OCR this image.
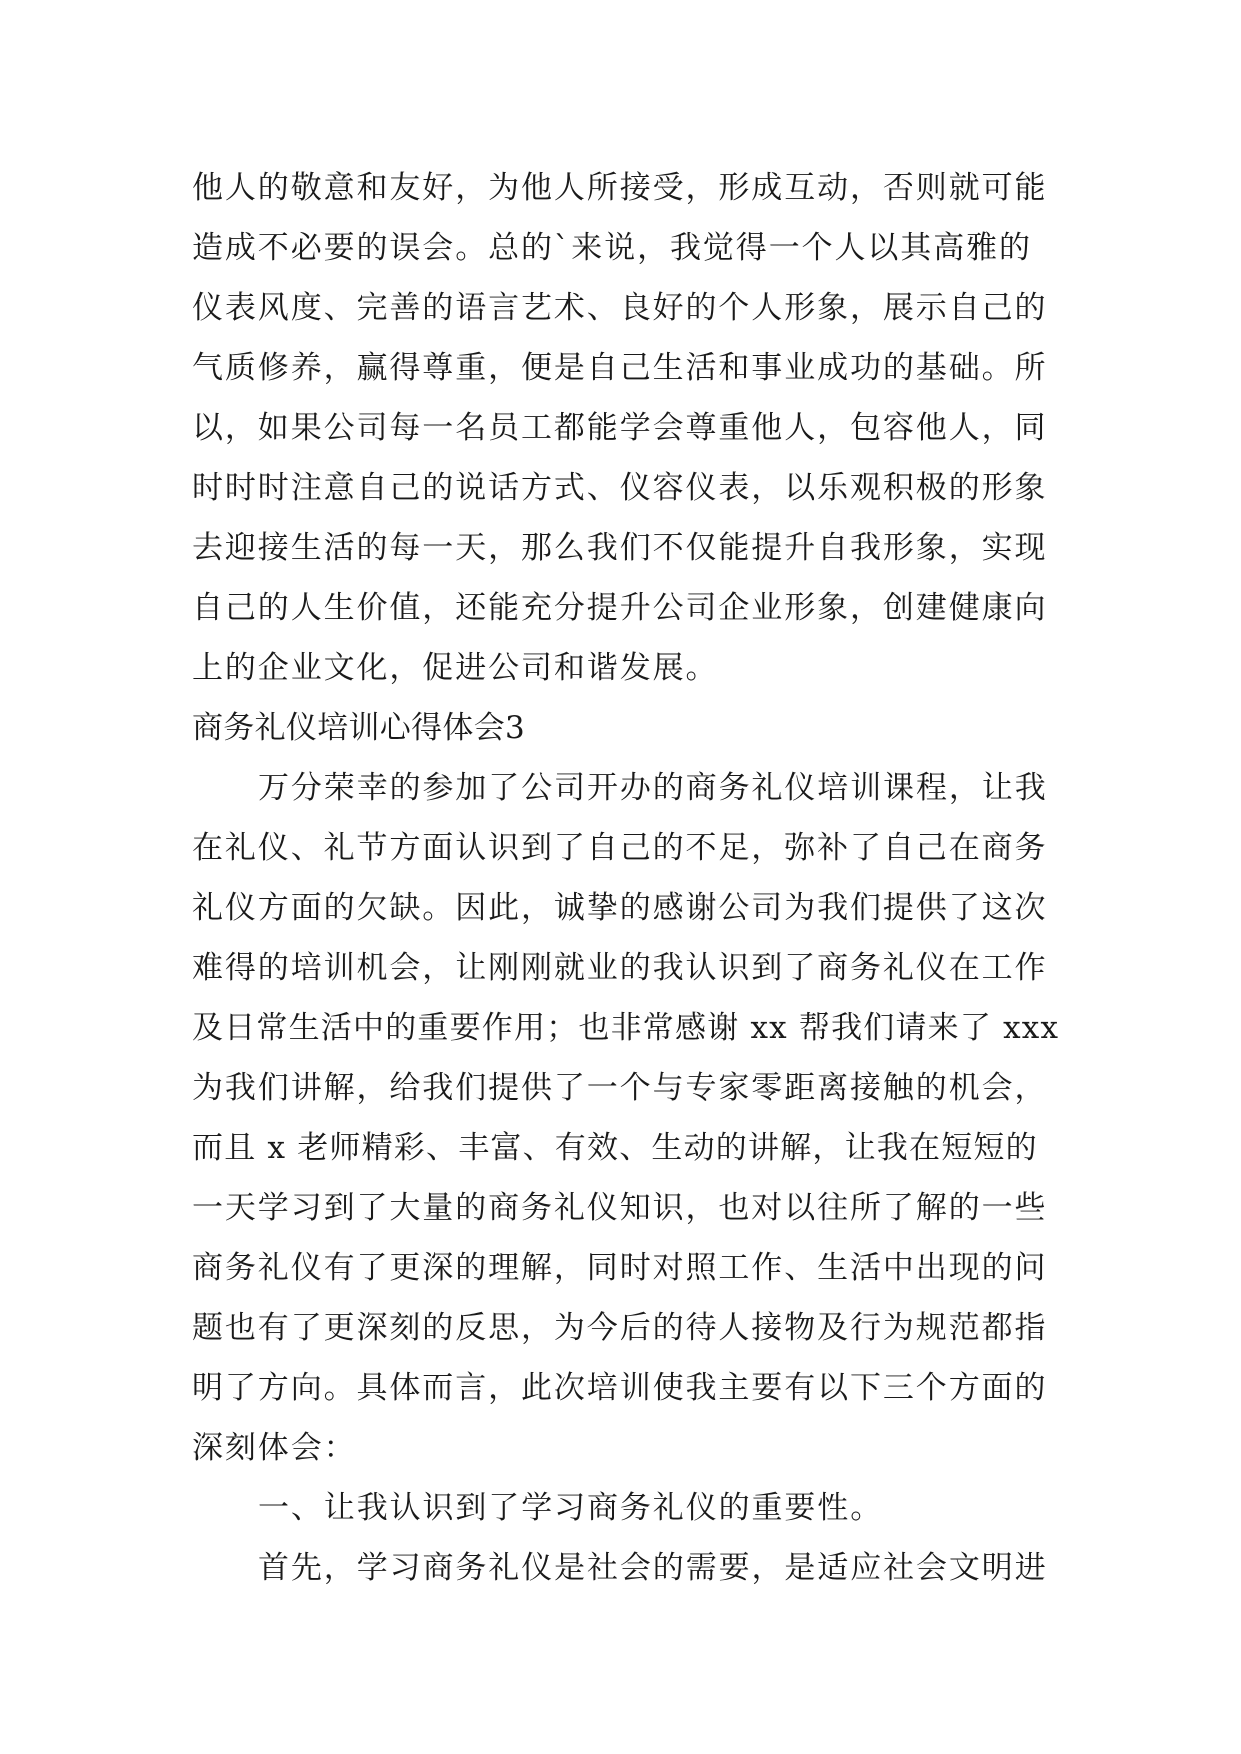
他人的敬意和友好，为他人所接受，形成互动，否则就可能
造成不必要的误会。总的`来说，我觉得一个人以其高雅的
仪表风度、完善的语言艺术、良好的个人形象，展示自己的
气质修养，赢得尊重，便是自己生活和事业成功的基础。所
以，如果公司每一名员工都能学会尊重他人，包容他人，同
时时时注意自己的说话方式、仪容仪表，以乐观积极的形象
去迎接生活的每一天，那么我们不仅能提升自我形象，实现
自己的人生价值，还能充分提升公司企业形象，创建健康向
上的企业文化，促进公司和谐发展。
商务礼仪培训心得体会3
万分荣幸的参加了公司开办的商务礼仪培训课程，让我
在礼仪、礼节方面认识到了自己的不足，弥补了自己在商务
礼仪方面的欠缺。因此，诚挚的感谢公司为我们提供了这次
难得的培训机会，让刚刚就业的我认识到了商务礼仪在工作
及日常生活中的重要作用；也非常感谢 xx 帮我们请来了 xxx
为我们讲解，给我们提供了一个与专家零距离接触的机会，
而且 x 老师精彩、丰富、有效、生动的讲解，让我在短短的
一天学习到了大量的商务礼仪知识，也对以往所了解的一些
商务礼仪有了更深的理解，同时对照工作、生活中出现的问
题也有了更深刻的反思，为今后的待人接物及行为规范都指
明了方向。具体而言，此次培训使我主要有以下三个方面的
深刻体会：
一、让我认识到了学习商务礼仪的重要性。
首先，学习商务礼仪是社会的需要，是适应社会文明进
